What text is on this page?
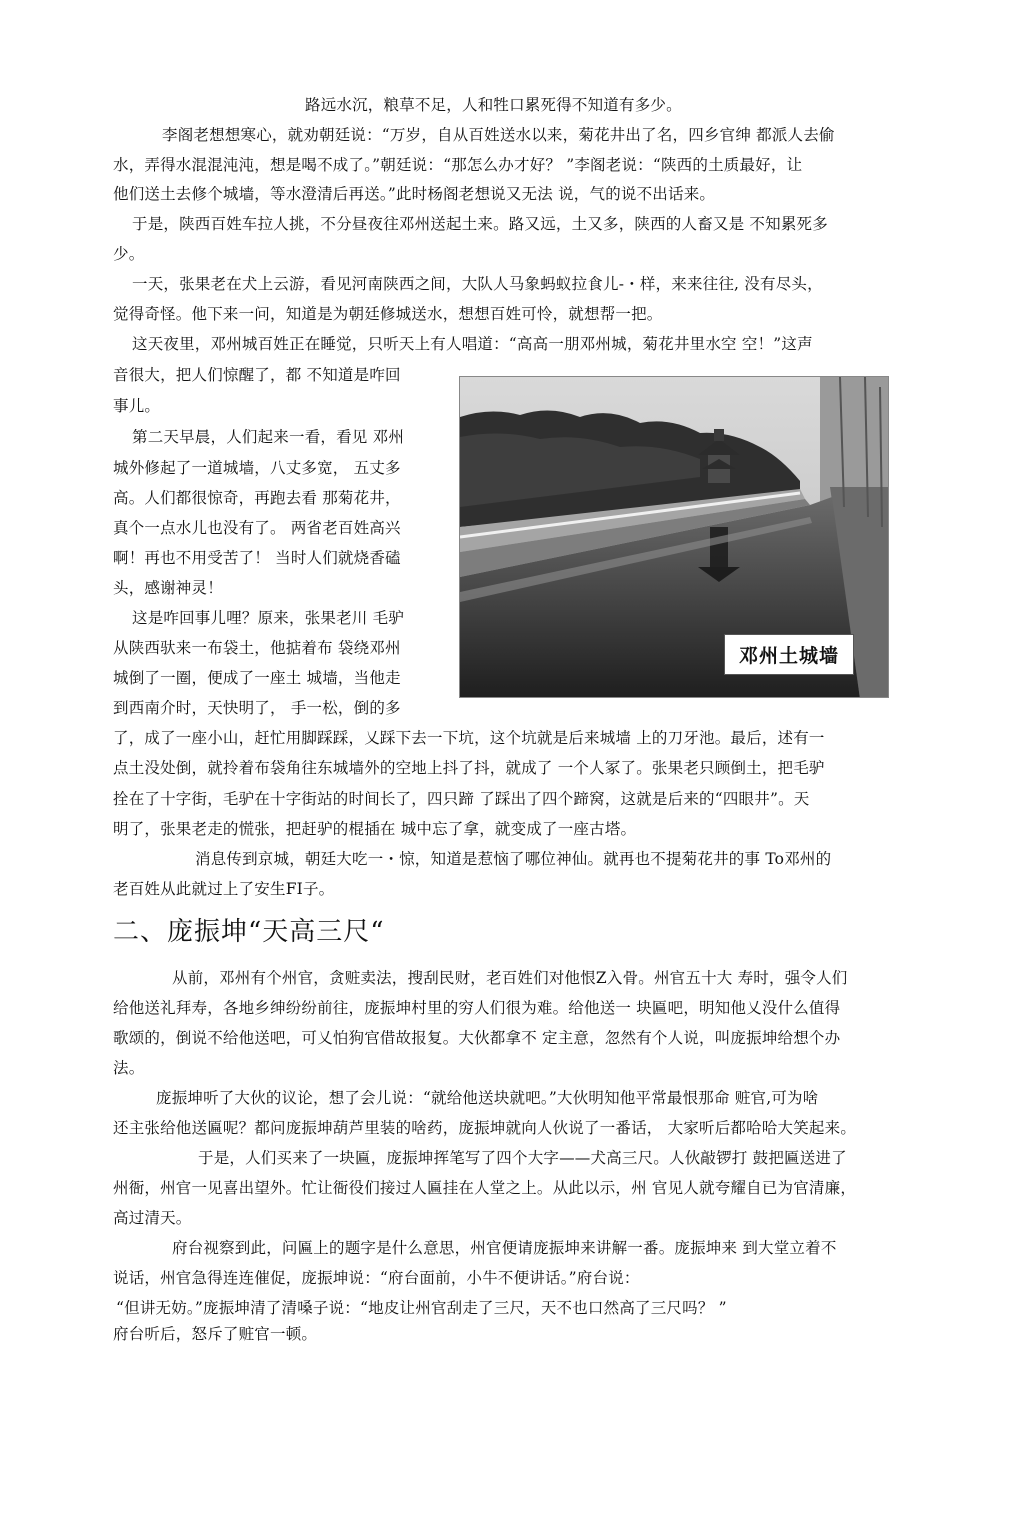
路远水沉，粮草不足，人和牲口累死得不知道有多少。
李阁老想想寒心，就劝朝廷说：“万岁，自从百姓送水以来，菊花井出了名，四乡官绅 都派人去偷
水，弄得水混混沌沌，想是喝不成了。”朝廷说：“那怎么办才好？ ”李阁老说：“陕西的土质最好，让
他们送土去修个城墙，等水澄清后再送。”此时杨阁老想说又无法 说，气的说不出话来。
于是，陕西百姓车拉人挑，不分昼夜往邓州送起土来。路又远，土又多，陕西的人畜又是 不知累死多
少。
一天，张果老在犬上云游，看见河南陕西之间，大队人马象蚂蚁拉食儿-・样，来来往往, 没有尽头，
觉得奇怪。他下来一问，知道是为朝廷修城送水，想想百姓可怜，就想帮一把。
这天夜里，邓州城百姓正在睡觉，只听天上有人唱道：“高高一朋邓州城，菊花井里水空 空！”这声
音很大，把人们惊醒了，都 不知道是咋回
事儿。
第二天早晨，人们起来一看，看见 邓州
城外修起了一道城墙，八丈多宽， 五丈多
高。人们都很惊奇，再跑去看 那菊花井，
真个一点水儿也没有了。 两省老百姓高兴
啊！再也不用受苦了！ 当时人们就烧香磕
头，感谢神灵！
这是咋回事儿哩？原来，张果老川 毛驴
从陕西驮来一布袋土，他掂着布 袋绕邓州
城倒了一圈，便成了一座土 城墙，当他走
到西南介时，天快明了， 手一松，倒的多
了，成了一座小山，赶忙用脚踩踩，乂踩下去一下坑，这个坑就是后来城墙 上的刀牙池。最后，述有一
点土没处倒，就拎着布袋角往东城墙外的空地上抖了抖，就成了 一个人冢了。张果老只顾倒土，把毛驴
拴在了十字街，毛驴在十字街站的时间长了，四只蹄 了踩出了四个蹄窝，这就是后来的“四眼井”。天
明了，张果老走的慌张，把赶驴的棍插在 城中忘了拿，就变成了一座古塔。
消息传到京城，朝廷大吃一・惊，知道是惹恼了哪位神仙。就再也不提菊花井的事 To邓州的
老百姓从此就过上了安生FI子。
邓州土城墙
二、庞振坤“天高三尺“
从前，邓州有个州官，贪赃卖法，搜刮民财，老百姓们对他恨Z入骨。州官五十大 寿时，强令人们
给他送礼拜寿，各地乡绅纷纷前往，庞振坤村里的穷人们很为难。给他送一 块匾吧，明知他乂没什么值得
歌颂的，倒说不给他送吧，可乂怕狗官借故报复。大伙都拿不 定主意，忽然有个人说，叫庞振坤给想个办
法。
庞振坤听了大伙的议论，想了会儿说：“就给他送块就吧。”大伙明知他平常最恨那命 赃官,可为啥
还主张给他送匾呢？都问庞振坤葫芦里装的啥药，庞振坤就向人伙说了一番话， 大家听后都哈哈大笑起来。
于是，人们买来了一块匾，庞振坤挥笔写了四个大字——犬高三尺。人伙敲锣打 鼓把匾送进了
州衙，州官一见喜出望外。忙让衙役们接过人匾挂在人堂之上。从此以示，州 官见人就夸耀自已为官清廉，
高过清天。
府台视察到此，问匾上的题字是什么意思，州官便请庞振坤来讲解一番。庞振坤来 到大堂立着不
说话，州官急得连连催促，庞振坤说：“府台面前，小牛不便讲话。”府台说：
“但讲无妨。”庞振坤清了清嗓子说：“地皮让州官刮走了三尺，天不也口然高了三尺吗？ ”
府台听后，怒斥了赃官一顿。
